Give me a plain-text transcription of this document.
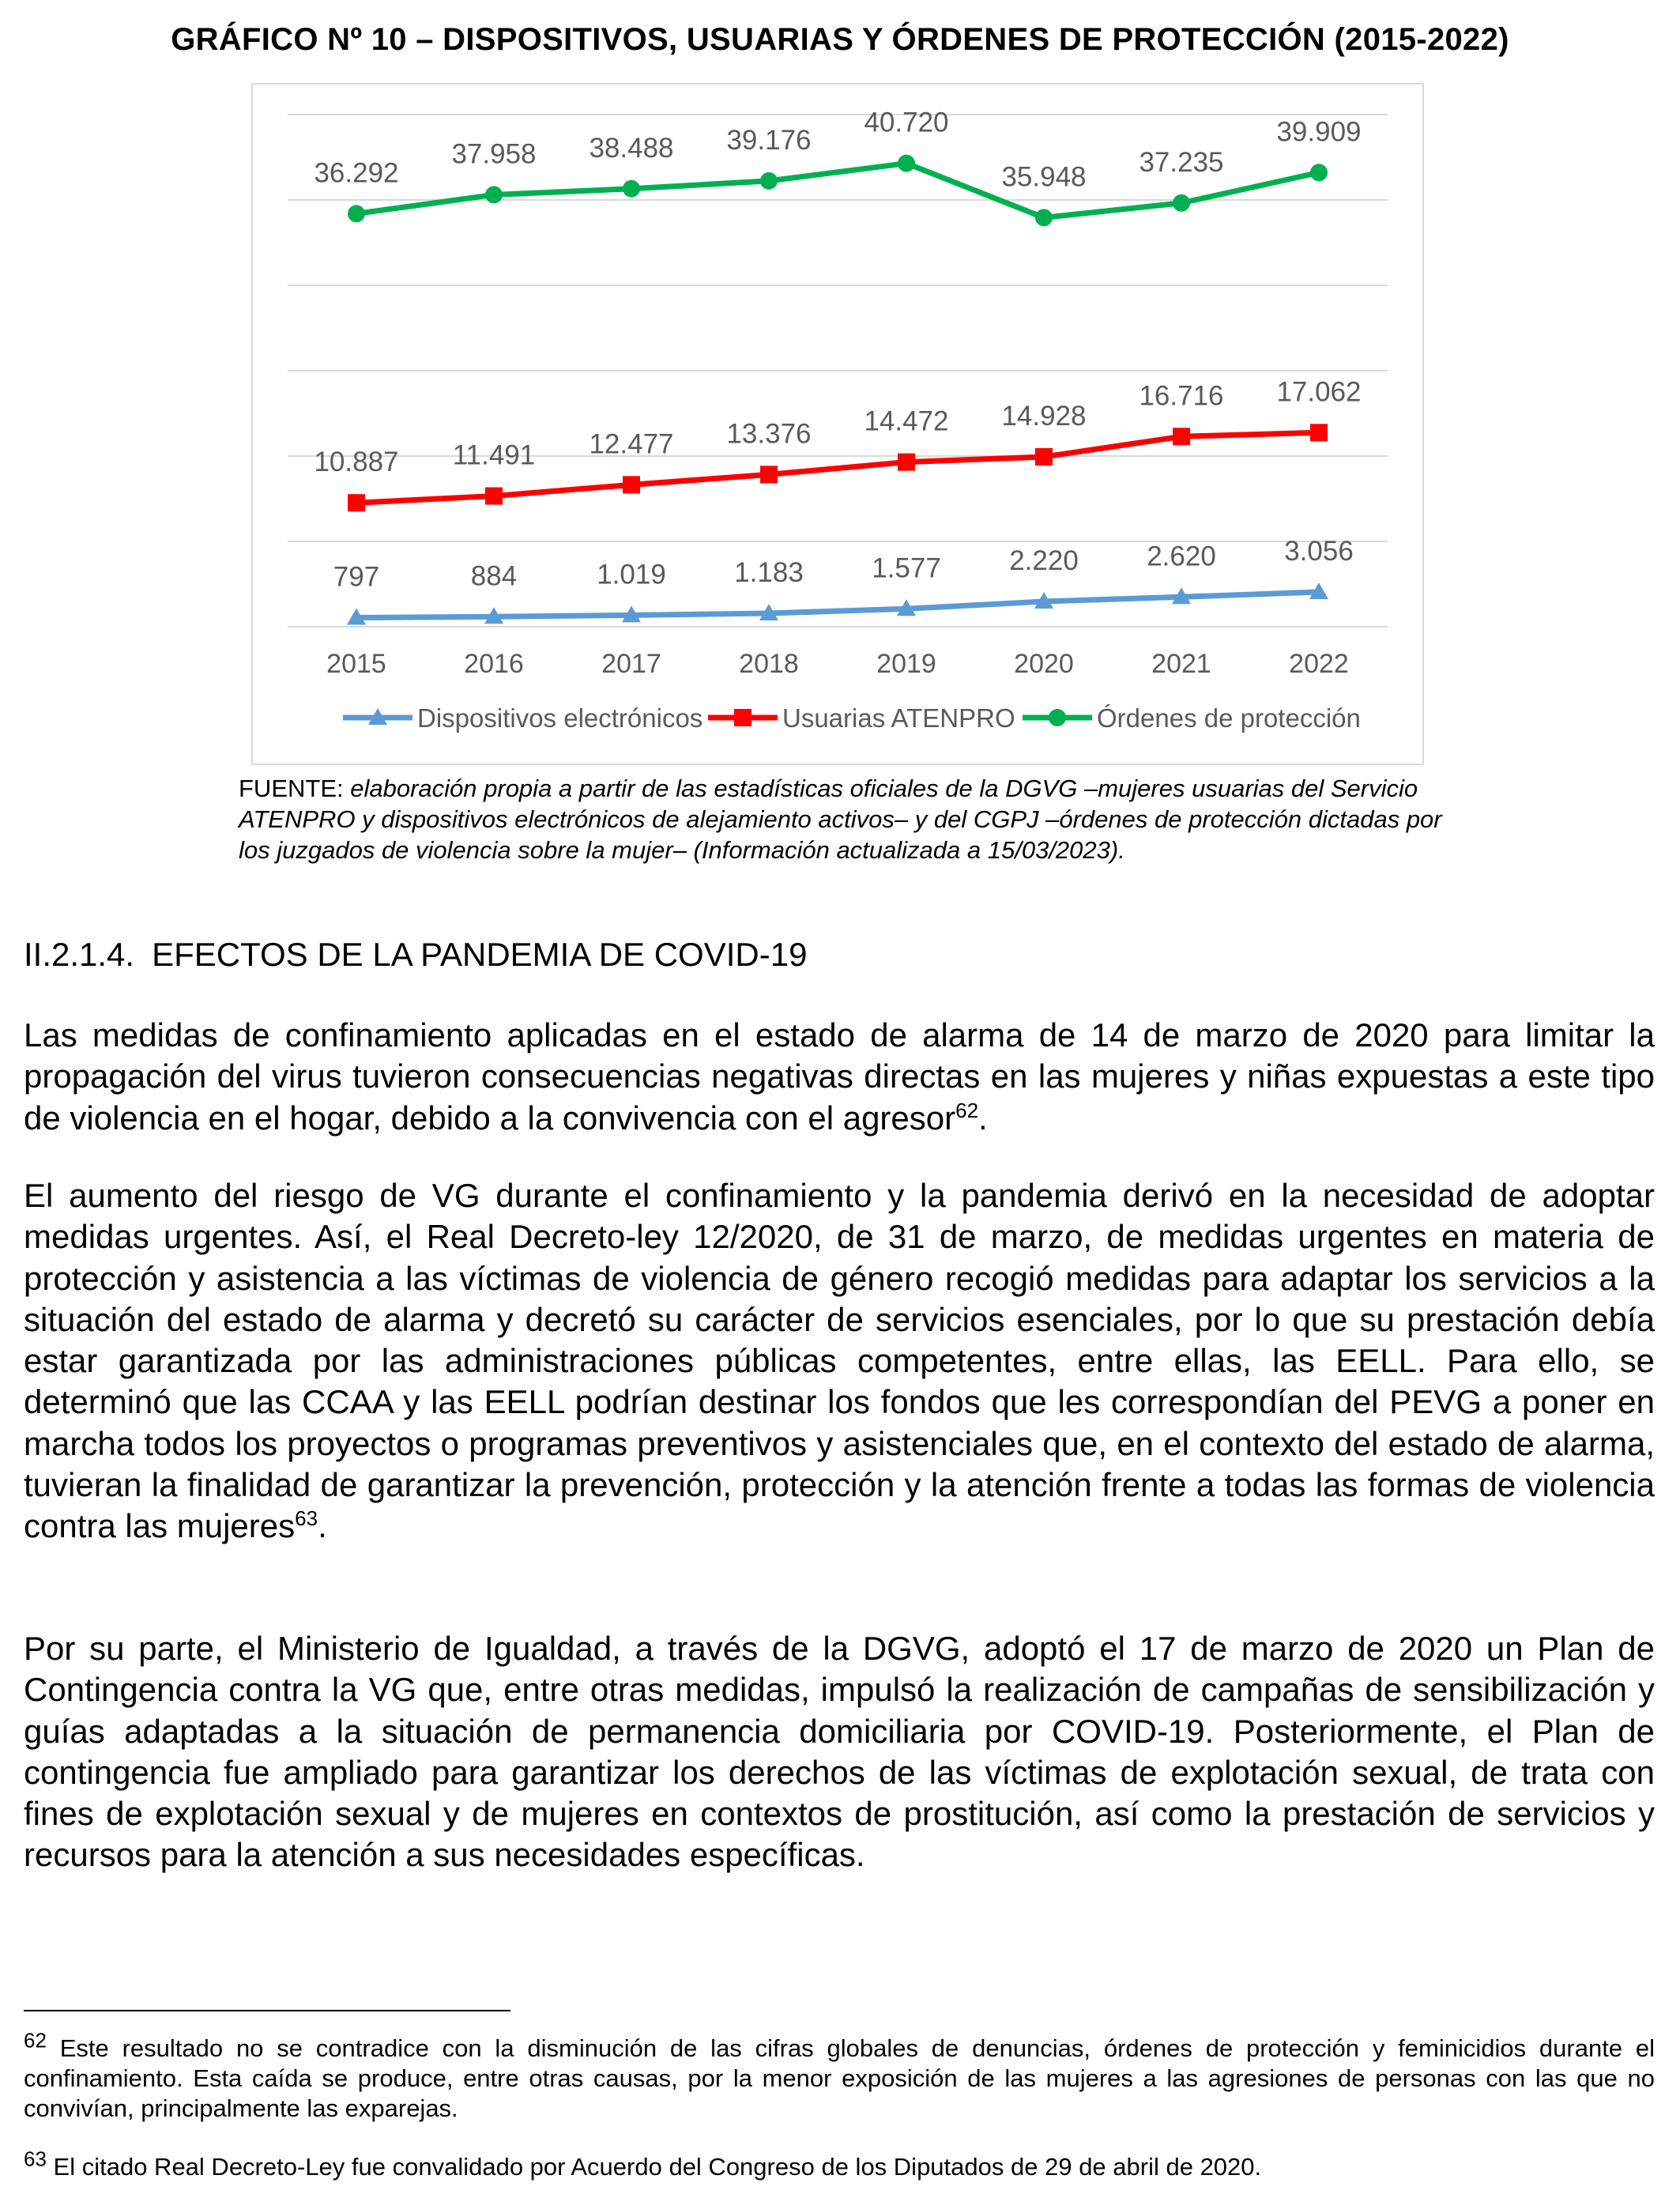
GRÁFICO Nº 10 – DISPOSITIVOS, USUARIAS Y ÓRDENES DE PROTECCIÓN (2015-2022)
2015	2016	2017	2018	2019	2020	2021	2022
797	884	1.019 1.183 1.577 2.220 2.620 3.056
10.887 11.491 12.477 13.376 14.472 14.928
16.716 17.062
36.292
37.958 38.488 39.176
40.720
35.948 37.235
39.909
Dispositivos electrónicos	Usuarias ATENPRO	Órdenes de protección
FUENTE: elaboración propia a partir de las estadísticas oficiales de la DGVG –mujeres usuarias del Servicio ATENPRO y dispositivos electrónicos de alejamiento activos– y del CGPJ –órdenes de protección dictadas por los juzgados de violencia sobre la mujer– (Información actualizada a 15/03/2023).
II.2.1.4. EFECTOS DE LA PANDEMIA DE COVID-19
Las medidas de confinamiento aplicadas en el estado de alarma de 14 de marzo de 2020 para limitar la propagación del virus tuvieron consecuencias negativas directas en las mujeres y niñas expuestas a este tipo de violencia en el hogar, debido a la convivencia con el agresor$^{62}$.
El aumento del riesgo de VG durante el confinamiento y la pandemia derivó en la necesidad de adoptar medidas urgentes. Así, el Real Decreto-ley 12/2020, de 31 de marzo, de medidas urgentes en materia de protección y asistencia a las víctimas de violencia de género recogió medidas para adaptar los servicios a la situación del estado de alarma y decretó su carácter de servicios esenciales, por lo que su prestación debía estar garantizada por las administraciones públicas competentes, entre ellas, las EELL. Para ello, se determinó que las CCAA y las EELL podrían destinar los fondos que les correspondían del PEVG a poner en marcha todos los proyectos o programas preventivos y asistenciales que, en el contexto del estado de alarma, tuvieran la finalidad de garantizar la prevención, protección y la atención frente a todas las formas de violencia contra las mujeres$^{63}$.
Por su parte, el Ministerio de Igualdad, a través de la DGVG, adoptó el 17 de marzo de 2020 un Plan de Contingencia contra la VG que, entre otras medidas, impulsó la realización de campañas de sensibilización y guías adaptadas a la situación de permanencia domiciliaria por COVID-19. Posteriormente, el Plan de contingencia fue ampliado para garantizar los derechos de las víctimas de explotación sexual, de trata con fines de explotación sexual y de mujeres en contextos de prostitución, así como la prestación de servicios y recursos para la atención a sus necesidades específicas.
$^{62}$ Este resultado no se contradice con la disminución de las cifras globales de denuncias, órdenes de protección y feminicidios durante el confinamiento. Esta caída se produce, entre otras causas, por la menor exposición de las mujeres a las agresiones de personas con las que no convivían, principalmente las exparejas.
$^{63}$ El citado Real Decreto-Ley fue convalidado por Acuerdo del Congreso de los Diputados de 29 de abril de 2020.
